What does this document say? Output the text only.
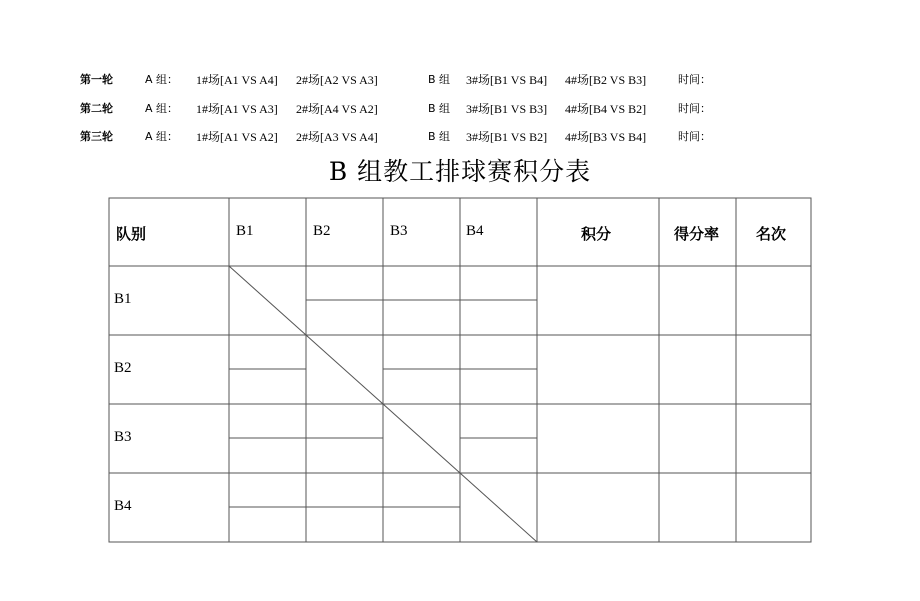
第一轮	A 组： 1#场[A1 VS A4] 2#场[A2 VS A3]	B 组 3#场[B1 VS B4] 4#场[B2 VS B3]	时间：
第二轮	A 组： 1#场[A1 VS A3] 2#场[A4 VS A2]	B 组 3#场[B1 VS B3] 4#场[B4 VS B2]	时间：
第三轮	A 组： 1#场[A1 VS A2] 2#场[A3 VS A4]	B 组 3#场[B1 VS B2] 4#场[B3 VS B4]	时间：
B 组教工排球赛积分表
队别	B1	B2	B3	B4	积分	得分率 名次
B1
B2
B3
B4
